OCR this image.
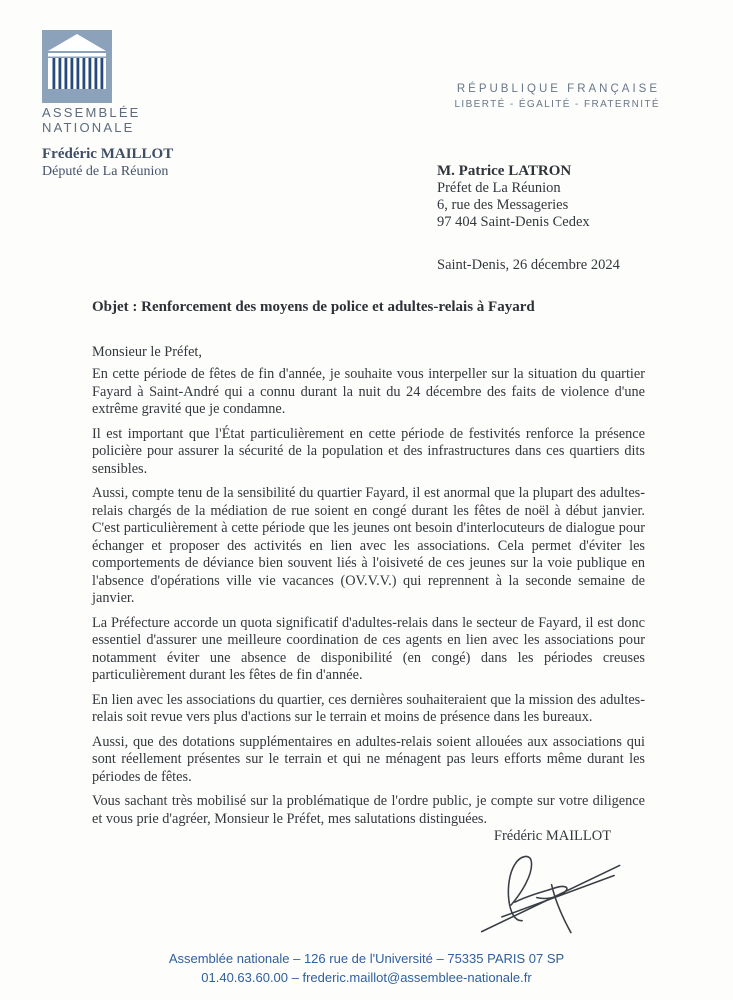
ASSEMBLÉE
NATIONALE
Frédéric MAILLOT
Député de La Réunion
RÉPUBLIQUE FRANÇAISE
LIBERTÉ - ÉGALITÉ - FRATERNITÉ
M. Patrice LATRON
Préfet de La Réunion
6, rue des Messageries
97 404 Saint-Denis Cedex
Saint-Denis, 26 décembre 2024
Objet : Renforcement des moyens de police et adultes-relais à Fayard
Monsieur le Préfet,

En cette période de fêtes de fin d'année, je souhaite vous interpeller sur la situation du quartier Fayard à Saint-André qui a connu durant la nuit du 24 décembre des faits de violence d'une extrême gravité que je condamne.

Il est important que l'État particulièrement en cette période de festivités renforce la présence policière pour assurer la sécurité de la population et des infrastructures dans ces quartiers dits sensibles.

Aussi, compte tenu de la sensibilité du quartier Fayard, il est anormal que la plupart des adultes-relais chargés de la médiation de rue soient en congé durant les fêtes de noël à début janvier. C'est particulièrement à cette période que les jeunes ont besoin d'interlocuteurs de dialogue pour échanger et proposer des activités en lien avec les associations. Cela permet d'éviter les comportements de déviance bien souvent liés à l'oisiveté de ces jeunes sur la voie publique en l'absence d'opérations ville vie vacances (OV.V.V.) qui reprennent à la seconde semaine de janvier.

La Préfecture accorde un quota significatif d'adultes-relais dans le secteur de Fayard, il est donc essentiel d'assurer une meilleure coordination de ces agents en lien avec les associations pour notamment éviter une absence de disponibilité (en congé) dans les périodes creuses particulièrement durant les fêtes de fin d'année.

En lien avec les associations du quartier, ces dernières souhaiteraient que la mission des adultes-relais soit revue vers plus d'actions sur le terrain et moins de présence dans les bureaux.

Aussi, que des dotations supplémentaires en adultes-relais soient allouées aux associations qui sont réellement présentes sur le terrain et qui ne ménagent pas leurs efforts même durant les périodes de fêtes.

Vous sachant très mobilisé sur la problématique de l'ordre public, je compte sur votre diligence et vous prie d'agréer, Monsieur le Préfet, mes salutations distinguées.

Frédéric MAILLOT
Assemblée nationale – 126 rue de l'Université – 75335 PARIS 07 SP
01.40.63.60.00 – frederic.maillot@assemblee-nationale.fr
